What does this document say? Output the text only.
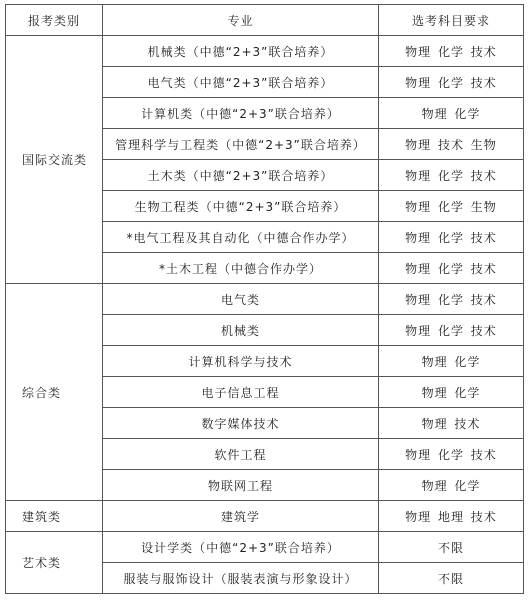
报考类别	专业	选考科目要求
国际交流类	机械类（中德“2+3”联合培养）	物理 化学 技术
	电气类（中德“2+3”联合培养）	物理 化学 技术
	计算机类（中德“2+3”联合培养）	物理 化学
	管理科学与工程类（中德“2+3”联合培养）	物理 技术 生物
	土木类（中德“2+3”联合培养）	物理 化学 技术
	生物工程类（中德“2+3”联合培养）	物理 化学 生物
	*电气工程及其自动化（中德合作办学）	物理 化学 技术
	*土木工程（中德合作办学）	物理 化学 技术
综合类	电气类	物理 化学 技术
	机械类	物理 化学 技术
	计算机科学与技术	物理 化学
	电子信息工程	物理 化学
	数字媒体技术	物理 技术
	软件工程	物理 化学 技术
	物联网工程	物理 化学
建筑类	建筑学	物理 地理 技术
艺术类	设计学类（中德“2+3”联合培养）	不限
	服装与服饰设计（服装表演与形象设计）	不限
